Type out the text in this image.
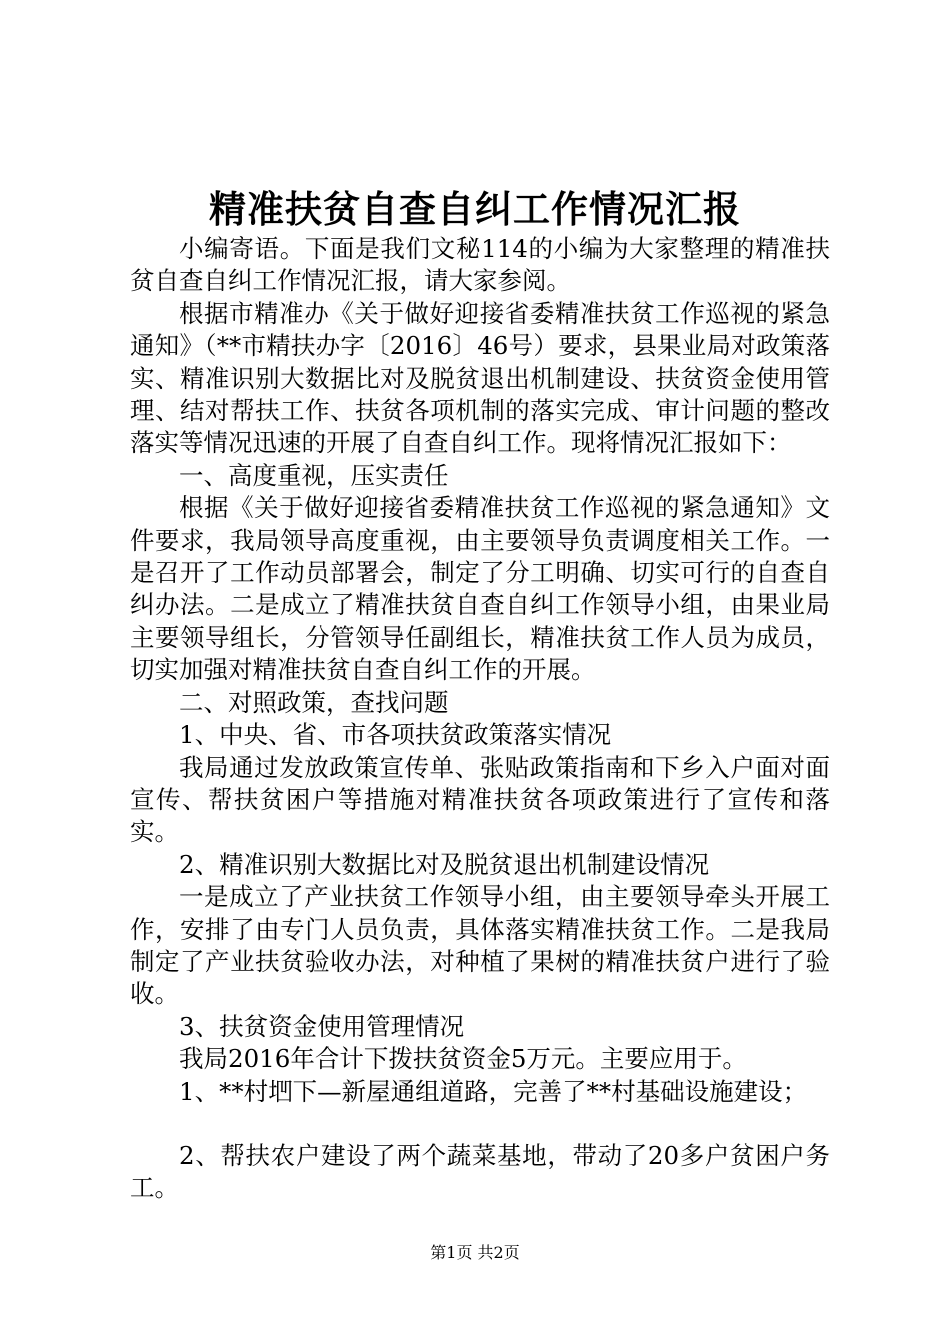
精准扶贫自查自纠工作情况汇报

小编寄语。下面是我们文秘114的小编为大家整理的精准扶贫自查自纠工作情况汇报，请大家参阅。

根据市精准办《关于做好迎接省委精准扶贫工作巡视的紧急通知》（**市精扶办字〔2016〕46号）要求，县果业局对政策落实、精准识别大数据比对及脱贫退出机制建设、扶贫资金使用管理、结对帮扶工作、扶贫各项机制的落实完成、审计问题的整改落实等情况迅速的开展了自查自纠工作。现将情况汇报如下：

一、高度重视，压实责任

根据《关于做好迎接省委精准扶贫工作巡视的紧急通知》文件要求，我局领导高度重视，由主要领导负责调度相关工作。一是召开了工作动员部署会，制定了分工明确、切实可行的自查自纠办法。二是成立了精准扶贫自查自纠工作领导小组，由果业局主要领导组长，分管领导任副组长，精准扶贫工作人员为成员，切实加强对精准扶贫自查自纠工作的开展。

二、对照政策，查找问题

1、中央、省、市各项扶贫政策落实情况

我局通过发放政策宣传单、张贴政策指南和下乡入户面对面宣传、帮扶贫困户等措施对精准扶贫各项政策进行了宣传和落实。

2、精准识别大数据比对及脱贫退出机制建设情况

一是成立了产业扶贫工作领导小组，由主要领导牵头开展工作，安排了由专门人员负责，具体落实精准扶贫工作。二是我局制定了产业扶贫验收办法，对种植了果树的精准扶贫户进行了验收。

3、扶贫资金使用管理情况

我局2016年合计下拨扶贫资金5万元。主要应用于。

1、**村垇下—新屋通组道路，完善了**村基础设施建设；

2、帮扶农户建设了两个蔬菜基地，带动了20多户贫困户务工。

第1页 共2页
